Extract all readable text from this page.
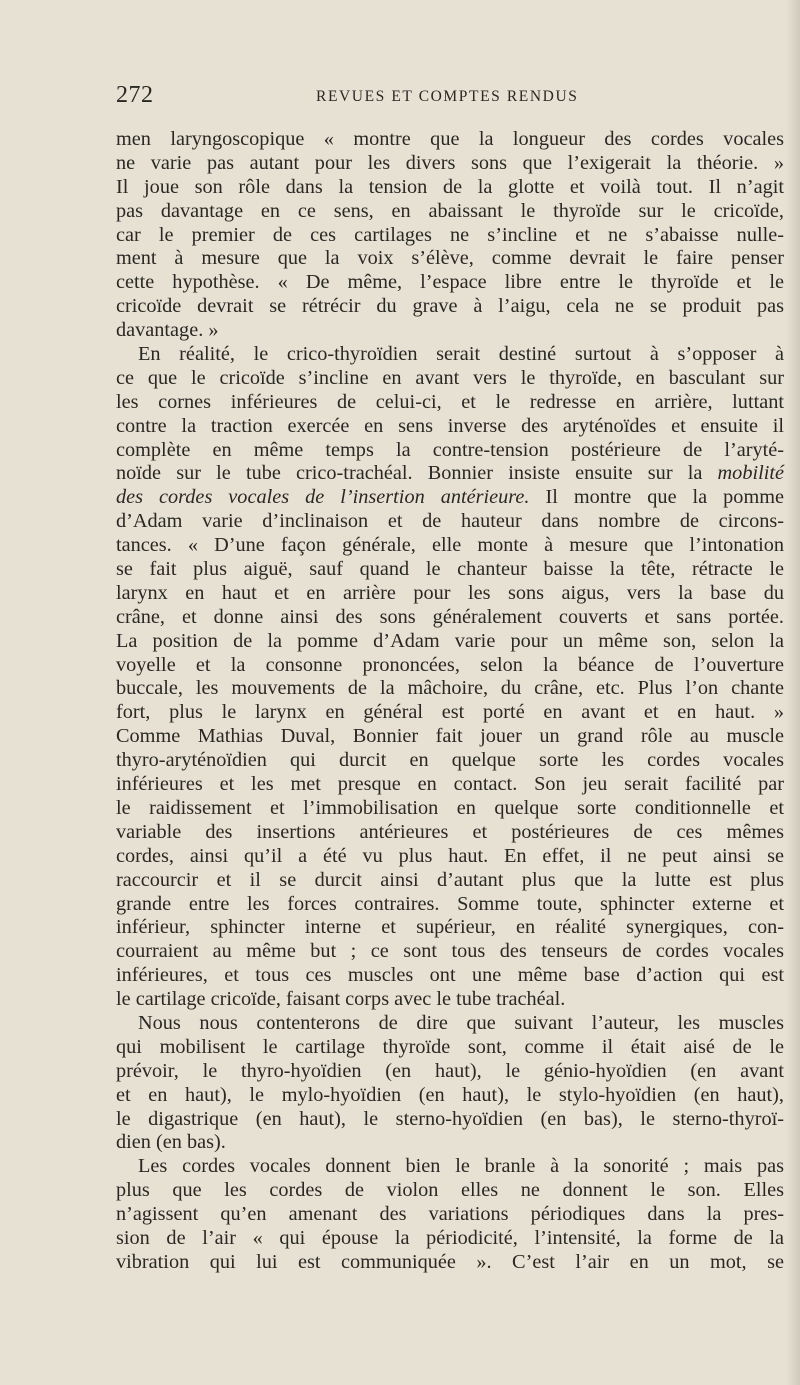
272	REVUES ET COMPTES RENDUS
men laryngoscopique « montre que la longueur des cordes vocales
ne varie pas autant pour les divers sons que l’exigerait la théorie. »
Il joue son rôle dans la tension de la glotte et voilà tout. Il n’agit
pas davantage en ce sens, en abaissant le thyroïde sur le cricoïde,
car le premier de ces cartilages ne s’incline et ne s’abaisse nulle-
ment à mesure que la voix s’élève, comme devrait le faire penser
cette hypothèse. « De même, l’espace libre entre le thyroïde et le
cricoïde devrait se rétrécir du grave à l’aigu, cela ne se produit pas
davantage. »
En réalité, le crico-thyroïdien serait destiné surtout à s’opposer à
ce que le cricoïde s’incline en avant vers le thyroïde, en basculant sur
les cornes inférieures de celui-ci, et le redresse en arrière, luttant
contre la traction exercée en sens inverse des aryténoïdes et ensuite il
complète en même temps la contre-tension postérieure de l’aryté-
noïde sur le tube crico-trachéal. Bonnier insiste ensuite sur la mobilité
des cordes vocales de l’insertion antérieure. Il montre que la pomme
d’Adam varie d’inclinaison et de hauteur dans nombre de circons-
tances. « D’une façon générale, elle monte à mesure que l’intonation
se fait plus aiguë, sauf quand le chanteur baisse la tête, rétracte le
larynx en haut et en arrière pour les sons aigus, vers la base du
crâne, et donne ainsi des sons généralement couverts et sans portée.
La position de la pomme d’Adam varie pour un même son, selon la
voyelle et la consonne prononcées, selon la béance de l’ouverture
buccale, les mouvements de la mâchoire, du crâne, etc. Plus l’on chante
fort, plus le larynx en général est porté en avant et en haut. »
Comme Mathias Duval, Bonnier fait jouer un grand rôle au muscle
thyro-aryténoïdien qui durcit en quelque sorte les cordes vocales
inférieures et les met presque en contact. Son jeu serait facilité par
le raidissement et l’immobilisation en quelque sorte conditionnelle et
variable des insertions antérieures et postérieures de ces mêmes
cordes, ainsi qu’il a été vu plus haut. En effet, il ne peut ainsi se
raccourcir et il se durcit ainsi d’autant plus que la lutte est plus
grande entre les forces contraires. Somme toute, sphincter externe et
inférieur, sphincter interne et supérieur, en réalité synergiques, con-
courraient au même but ; ce sont tous des tenseurs de cordes vocales
inférieures, et tous ces muscles ont une même base d’action qui est
le cartilage cricoïde, faisant corps avec le tube trachéal.
Nous nous contenterons de dire que suivant l’auteur, les muscles
qui mobilisent le cartilage thyroïde sont, comme il était aisé de le
prévoir, le thyro-hyoïdien (en haut), le génio-hyoïdien (en avant
et en haut), le mylo-hyoïdien (en haut), le stylo-hyoïdien (en haut),
le digastrique (en haut), le sterno-hyoïdien (en bas), le sterno-thyroï-
dien (en bas).
Les cordes vocales donnent bien le branle à la sonorité ; mais pas
plus que les cordes de violon elles ne donnent le son. Elles
n’agissent qu’en amenant des variations périodiques dans la pres-
sion de l’air « qui épouse la périodicité, l’intensité, la forme de la
vibration qui lui est communiquée ». C’est l’air en un mot, se
